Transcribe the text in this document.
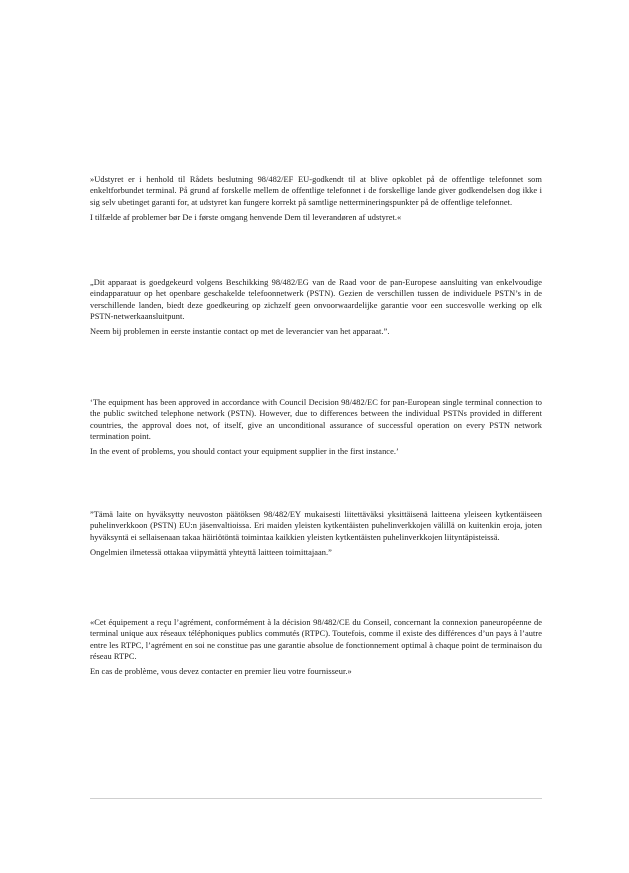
»Udstyret er i henhold til Rådets beslutning 98/482/EF EU-godkendt til at blive opkoblet på de offentlige telefonnet som enkeltforbundet terminal. På grund af forskelle mellem de offentlige telefonnet i de forskellige lande giver godkendelsen dog ikke i sig selv ubetinget garanti for, at udstyret kan fungere korrekt på samtlige nettermineringspunkter på de offentlige telefonnet.

I tilfælde af problemer bør De i første omgang henvende Dem til leverandøren af udstyret.«

„Dit apparaat is goedgekeurd volgens Beschikking 98/482/EG van de Raad voor de pan-Europese aansluiting van enkelvoudige eindapparatuur op het openbare geschakelde telefoonnetwerk (PSTN). Gezien de verschillen tussen de individuele PSTN’s in de verschillende landen, biedt deze goedkeuring op zichzelf geen onvoorwaardelijke garantie voor een succesvolle werking op elk PSTN-netwerkaansluitpunt.

Neem bij problemen in eerste instantie contact op met de leverancier van het apparaat.”.

‘The equipment has been approved in accordance with Council Decision 98/482/EC for pan-European single terminal connection to the public switched telephone network (PSTN). However, due to differences between the individual PSTNs provided in different countries, the approval does not, of itself, give an unconditional assurance of successful operation on every PSTN network termination point.

In the event of problems, you should contact your equipment supplier in the first instance.’

”Tämä laite on hyväksytty neuvoston päätöksen 98/482/EY mukaisesti liitettäväksi yksittäisenä laitteena yleiseen kytkentäiseen puhelinverkkoon (PSTN) EU:n jäsenvaltioissa. Eri maiden yleisten kytkentäisten puhelinverkkojen välillä on kuitenkin eroja, joten hyväksyntä ei sellaisenaan takaa häiriötöntä toimintaa kaikkien yleisten kytkentäisten puhelinverkkojen liityntäpisteissä.

Ongelmien ilmetessä ottakaa viipymättä yhteyttä laitteen toimittajaan.”

«Cet équipement a reçu l’agrément, conformément à la décision 98/482/CE du Conseil, concernant la connexion paneuropéenne de terminal unique aux réseaux téléphoniques publics commutés (RTPC). Toutefois, comme il existe des différences d’un pays à l’autre entre les RTPC, l’agrément en soi ne constitue pas une garantie absolue de fonctionnement optimal à chaque point de terminaison du réseau RTPC.

En cas de problème, vous devez contacter en premier lieu votre fournisseur.»
